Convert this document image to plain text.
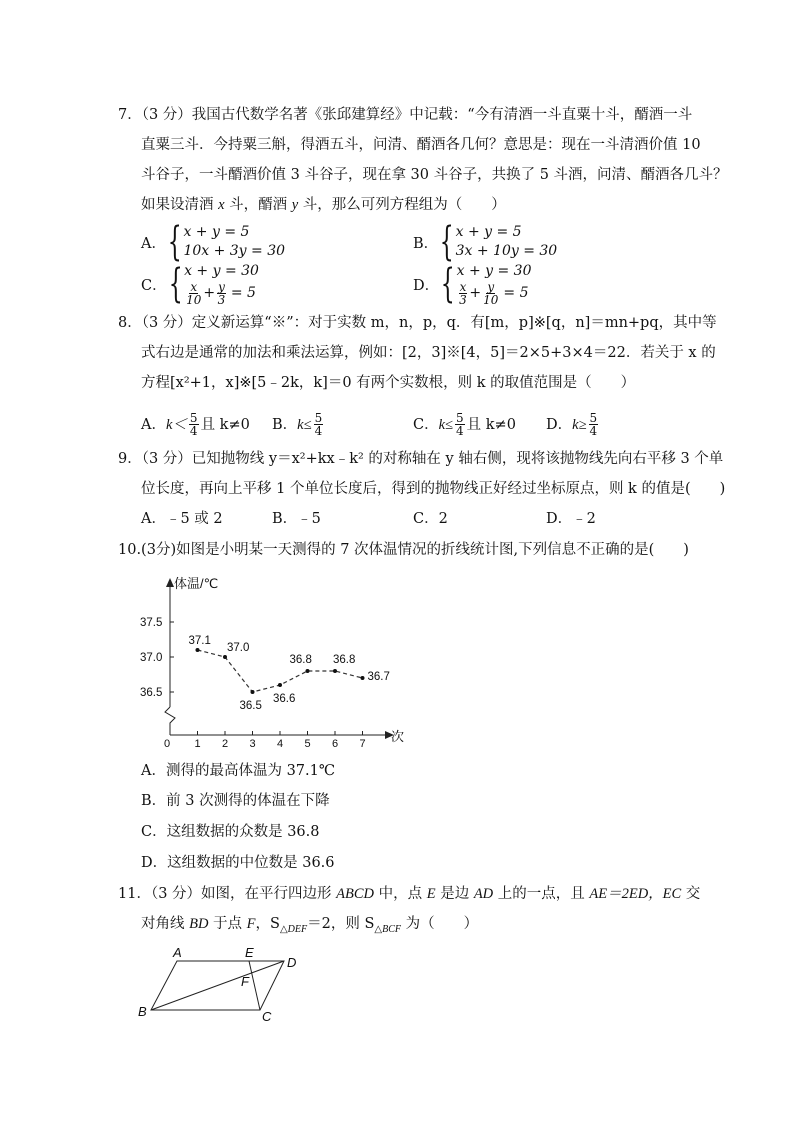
7．（3 分）我国古代数学名著《张邱建算经》中记载：“今有清酒一斗直粟十斗，醑酒一斗
直粟三斗．今持粟三斛，得酒五斗，问清、醑酒各几何？意思是：现在一斗清酒价值 10
斗谷子，一斗醑酒价值 3 斗谷子，现在拿 30 斗谷子，共换了 5 斗酒，问清、醑酒各几斗？
如果设清酒 x 斗，醑酒 y 斗，那么可列方程组为（　　）
A． { x + y = 5
10x + 3y = 30	B． { x + y = 5
3x + 10y = 30
C． { x + y = 30
$\frac{x}{10} + \frac{y}{3} = 5$	D． { x + y = 30
$\frac{x}{3} + \frac{y}{10} = 5$
8．（3 分）定义新运算“※”：对于实数 m，n，p，q．有[m，p]※[q，n]＝mn+pq，其中等
式右边是通常的加法和乘法运算，例如：[2，3]※[4，5]＝2×5+3×4＝22．若关于 x 的
方程[x²+1，x]※[5﹣2k，k]＝0 有两个实数根，则 k 的取值范围是（　　）
A． $k< \frac{5}{4}$ 且 k≠0 B． $k\le \frac{5}{4}$	C． $k\le \frac{5}{4}$ 且 k≠0 D． $k\ge \frac{5}{4}$
9．（3 分）已知抛物线 y＝x²+kx﹣k² 的对称轴在 y 轴右侧，现将该抛物线先向右平移 3 个单
位长度，再向上平移 1 个单位长度后，得到的抛物线正好经过坐标原点，则 k 的值是(　　)
A．﹣5 或 2	B．﹣5	C．2	D．﹣2
10.(3分)如图是小明某一天测得的 7 次体温情况的折线统计图,下列信息不正确的是(　　)
体温/℃
次
0 1 2 3 4 5 6 7
36.5
37.0
37.5
37.1
37.0
36.5
36.6
36.8 36.8
36.7
A．测得的最高体温为 37.1℃
B．前 3 次测得的体温在下降
C．这组数据的众数是 36.8
D．这组数据的中位数是 36.6
11．（3 分）如图，在平行四边形 ABCD 中，点 E 是边 AD 上的一点，且 AE＝2ED，EC 交
对角线 BD 于点 F，$S_{\triangle DEF}=2$，则 $S_{\triangle BCF}$ 为（　　）
A	E
D
F
B	C
